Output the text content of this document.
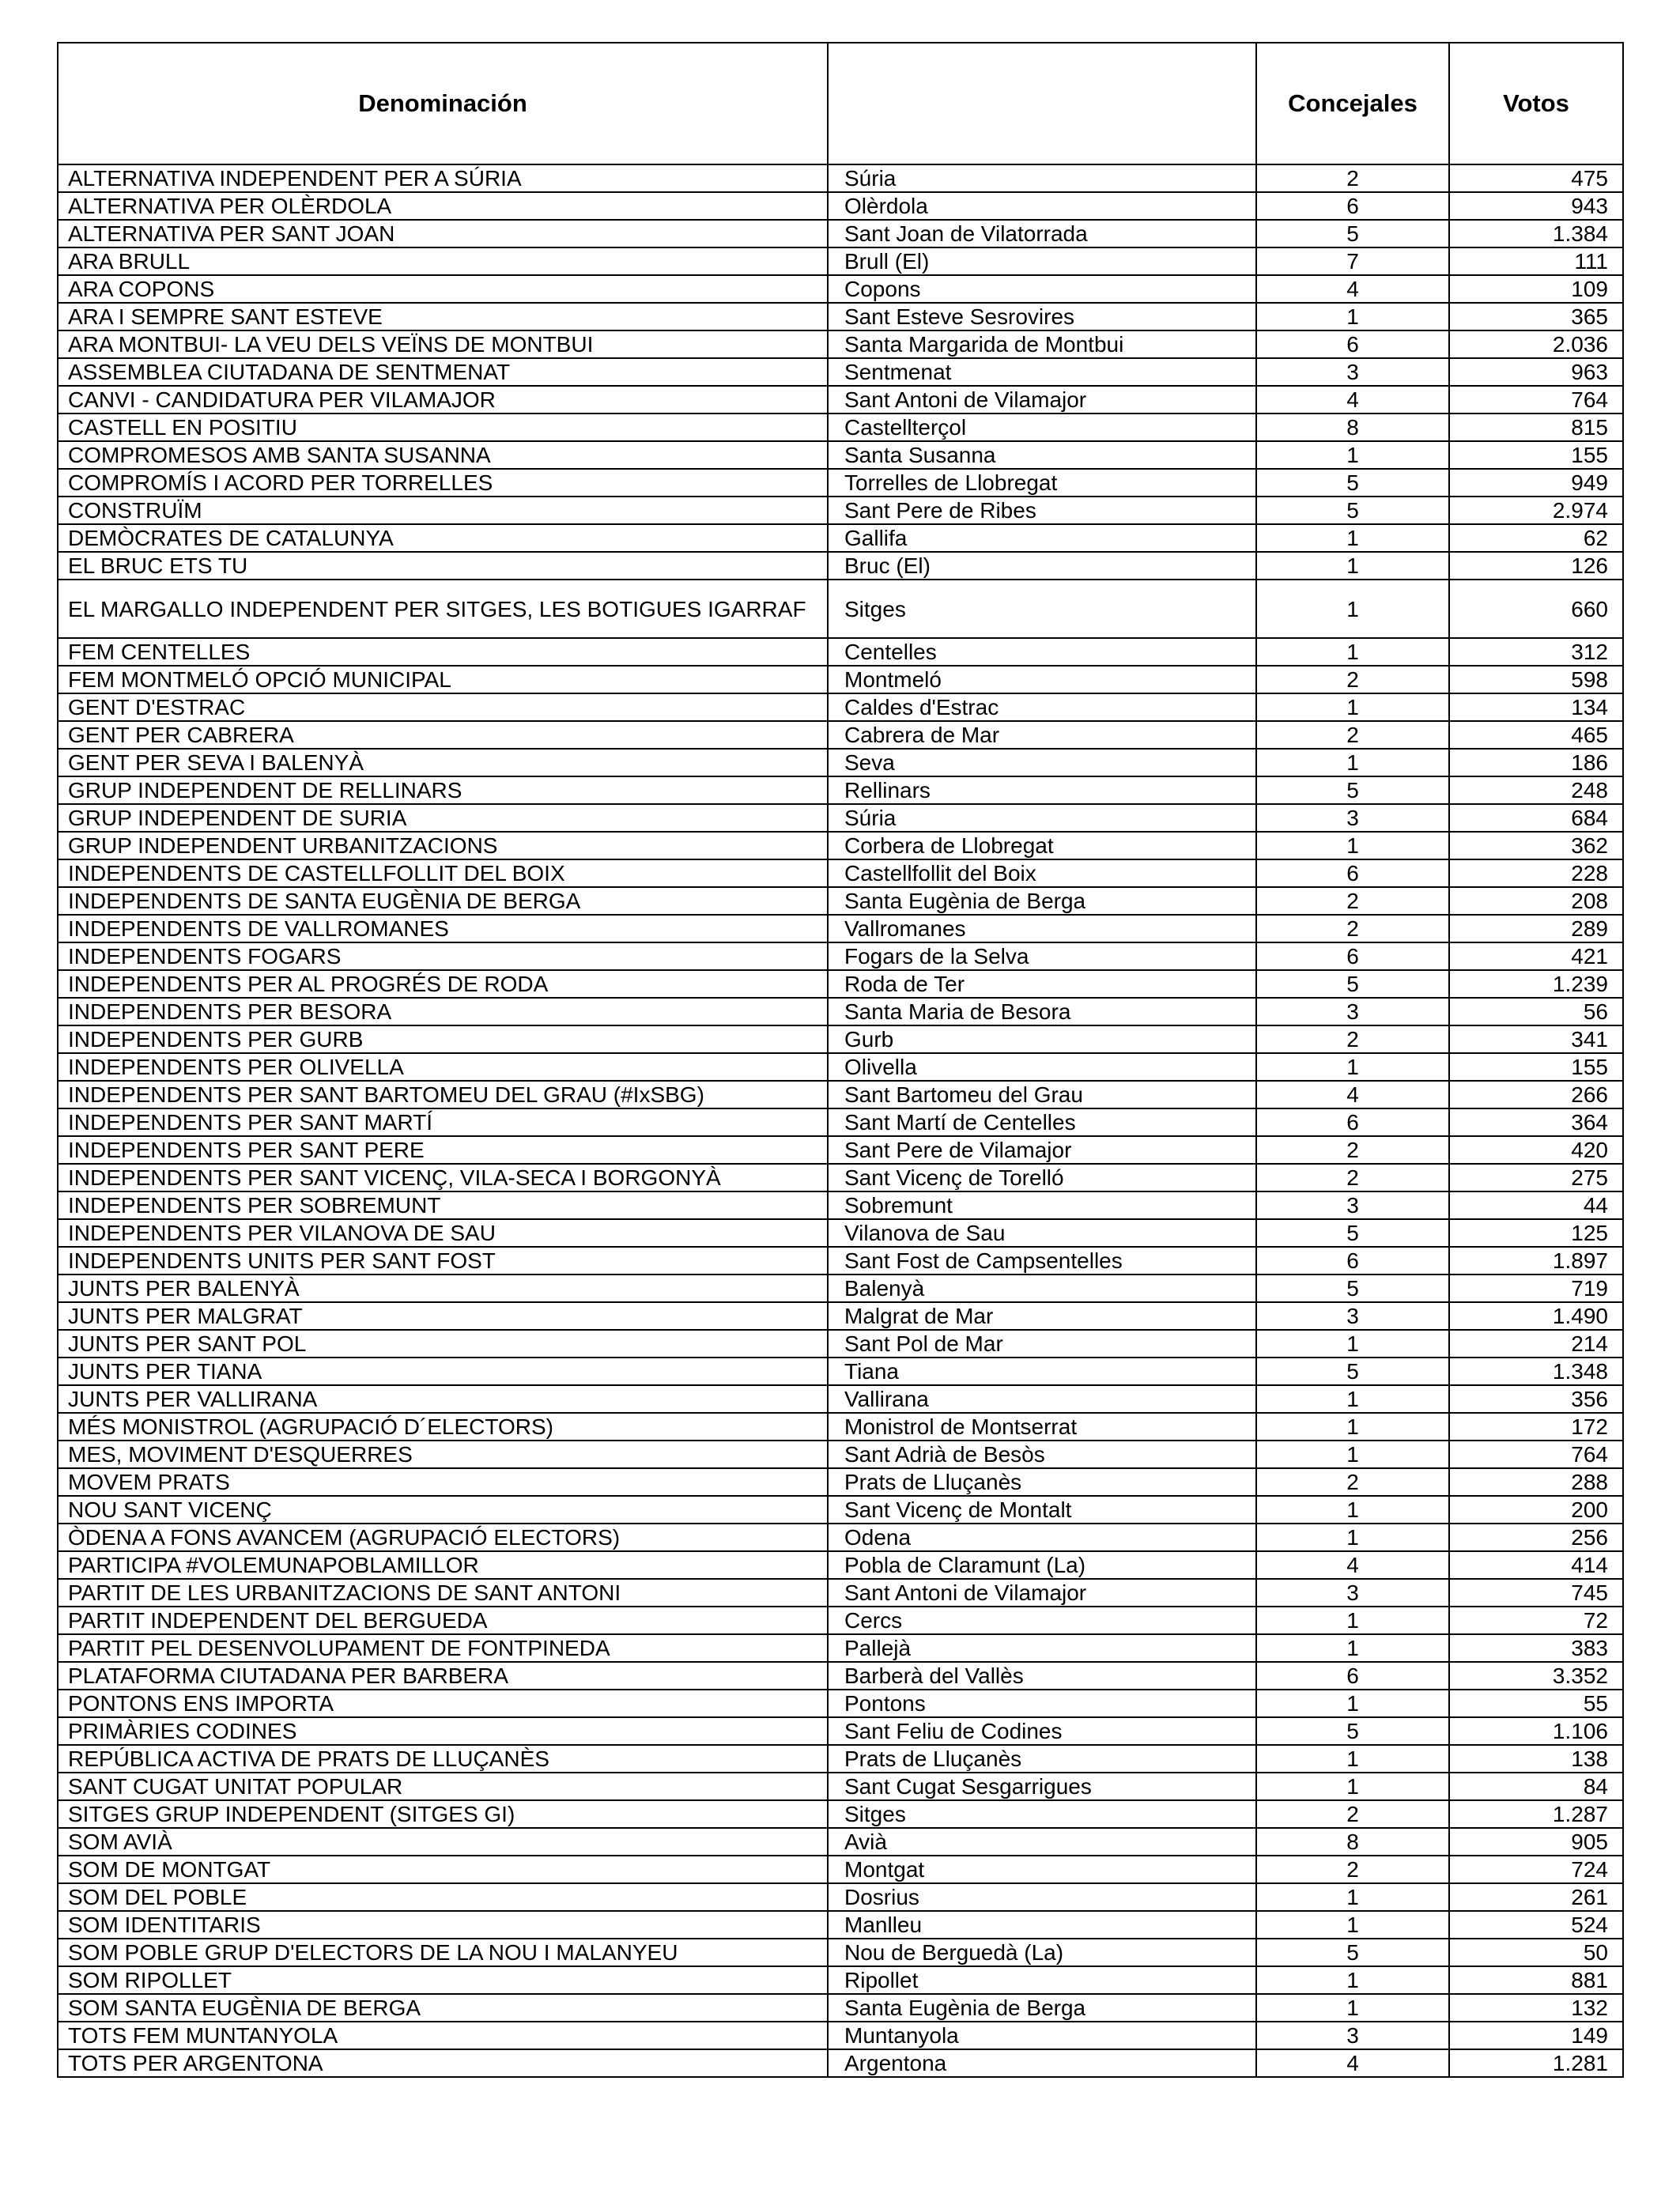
Denominación		Concejales	Votos
ALTERNATIVA INDEPENDENT PER A SÚRIA	Súria	2	475
ALTERNATIVA PER OLÈRDOLA	Olèrdola	6	943
ALTERNATIVA PER SANT JOAN	Sant Joan de Vilatorrada	5	1.384
ARA BRULL	Brull (El)	7	111
ARA COPONS	Copons	4	109
ARA I SEMPRE SANT ESTEVE	Sant Esteve Sesrovires	1	365
ARA MONTBUI- LA VEU DELS VEÏNS DE MONTBUI	Santa Margarida de Montbui	6	2.036
ASSEMBLEA CIUTADANA DE SENTMENAT	Sentmenat	3	963
CANVI - CANDIDATURA PER VILAMAJOR	Sant Antoni de Vilamajor	4	764
CASTELL EN POSITIU	Castellterçol	8	815
COMPROMESOS AMB SANTA SUSANNA	Santa Susanna	1	155
COMPROMÍS I ACORD PER TORRELLES	Torrelles de Llobregat	5	949
CONSTRUÏM	Sant Pere de Ribes	5	2.974
DEMÒCRATES DE CATALUNYA	Gallifa	1	62
EL BRUC ETS TU	Bruc (El)	1	126
EL MARGALLO INDEPENDENT PER SITGES, LES BOTIGUES IGARRAF	Sitges	1	660
FEM CENTELLES	Centelles	1	312
FEM MONTMELÓ OPCIÓ MUNICIPAL	Montmeló	2	598
GENT D'ESTRAC	Caldes d'Estrac	1	134
GENT PER CABRERA	Cabrera de Mar	2	465
GENT PER SEVA I BALENYÀ	Seva	1	186
GRUP INDEPENDENT DE RELLINARS	Rellinars	5	248
GRUP INDEPENDENT DE SURIA	Súria	3	684
GRUP INDEPENDENT URBANITZACIONS	Corbera de Llobregat	1	362
INDEPENDENTS DE CASTELLFOLLIT DEL BOIX	Castellfollit del Boix	6	228
INDEPENDENTS DE SANTA EUGÈNIA DE BERGA	Santa Eugènia de Berga	2	208
INDEPENDENTS DE VALLROMANES	Vallromanes	2	289
INDEPENDENTS FOGARS	Fogars de la Selva	6	421
INDEPENDENTS PER AL PROGRÉS DE RODA	Roda de Ter	5	1.239
INDEPENDENTS PER BESORA	Santa Maria de Besora	3	56
INDEPENDENTS PER GURB	Gurb	2	341
INDEPENDENTS PER OLIVELLA	Olivella	1	155
INDEPENDENTS PER SANT BARTOMEU DEL GRAU (#IxSBG)	Sant Bartomeu del Grau	4	266
INDEPENDENTS PER SANT MARTÍ	Sant Martí de Centelles	6	364
INDEPENDENTS PER SANT PERE	Sant Pere de Vilamajor	2	420
INDEPENDENTS PER SANT VICENÇ, VILA-SECA I BORGONYÀ	Sant Vicenç de Torelló	2	275
INDEPENDENTS PER SOBREMUNT	Sobremunt	3	44
INDEPENDENTS PER VILANOVA DE SAU	Vilanova de Sau	5	125
INDEPENDENTS UNITS PER SANT FOST	Sant Fost de Campsentelles	6	1.897
JUNTS PER BALENYÀ	Balenyà	5	719
JUNTS PER MALGRAT	Malgrat de Mar	3	1.490
JUNTS PER SANT POL	Sant Pol de Mar	1	214
JUNTS PER TIANA	Tiana	5	1.348
JUNTS PER VALLIRANA	Vallirana	1	356
MÉS MONISTROL (AGRUPACIÓ D´ELECTORS)	Monistrol de Montserrat	1	172
MES, MOVIMENT D'ESQUERRES	Sant Adrià de Besòs	1	764
MOVEM PRATS	Prats de Lluçanès	2	288
NOU SANT VICENÇ	Sant Vicenç de Montalt	1	200
ÒDENA A FONS AVANCEM (AGRUPACIÓ ELECTORS)	Odena	1	256
PARTICIPA #VOLEMUNAPOBLAMILLOR	Pobla de Claramunt (La)	4	414
PARTIT DE LES URBANITZACIONS DE SANT ANTONI	Sant Antoni de Vilamajor	3	745
PARTIT INDEPENDENT DEL BERGUEDA	Cercs	1	72
PARTIT PEL DESENVOLUPAMENT DE FONTPINEDA	Pallejà	1	383
PLATAFORMA CIUTADANA PER BARBERA	Barberà del Vallès	6	3.352
PONTONS ENS IMPORTA	Pontons	1	55
PRIMÀRIES CODINES	Sant Feliu de Codines	5	1.106
REPÚBLICA ACTIVA DE PRATS DE LLUÇANÈS	Prats de Lluçanès	1	138
SANT CUGAT UNITAT POPULAR	Sant Cugat Sesgarrigues	1	84
SITGES GRUP INDEPENDENT (SITGES GI)	Sitges	2	1.287
SOM AVIÀ	Avià	8	905
SOM DE MONTGAT	Montgat	2	724
SOM DEL POBLE	Dosrius	1	261
SOM IDENTITARIS	Manlleu	1	524
SOM POBLE GRUP D'ELECTORS DE LA NOU I MALANYEU	Nou de Berguedà (La)	5	50
SOM RIPOLLET	Ripollet	1	881
SOM SANTA EUGÈNIA DE BERGA	Santa Eugènia de Berga	1	132
TOTS FEM MUNTANYOLA	Muntanyola	3	149
TOTS PER ARGENTONA	Argentona	4	1.281
